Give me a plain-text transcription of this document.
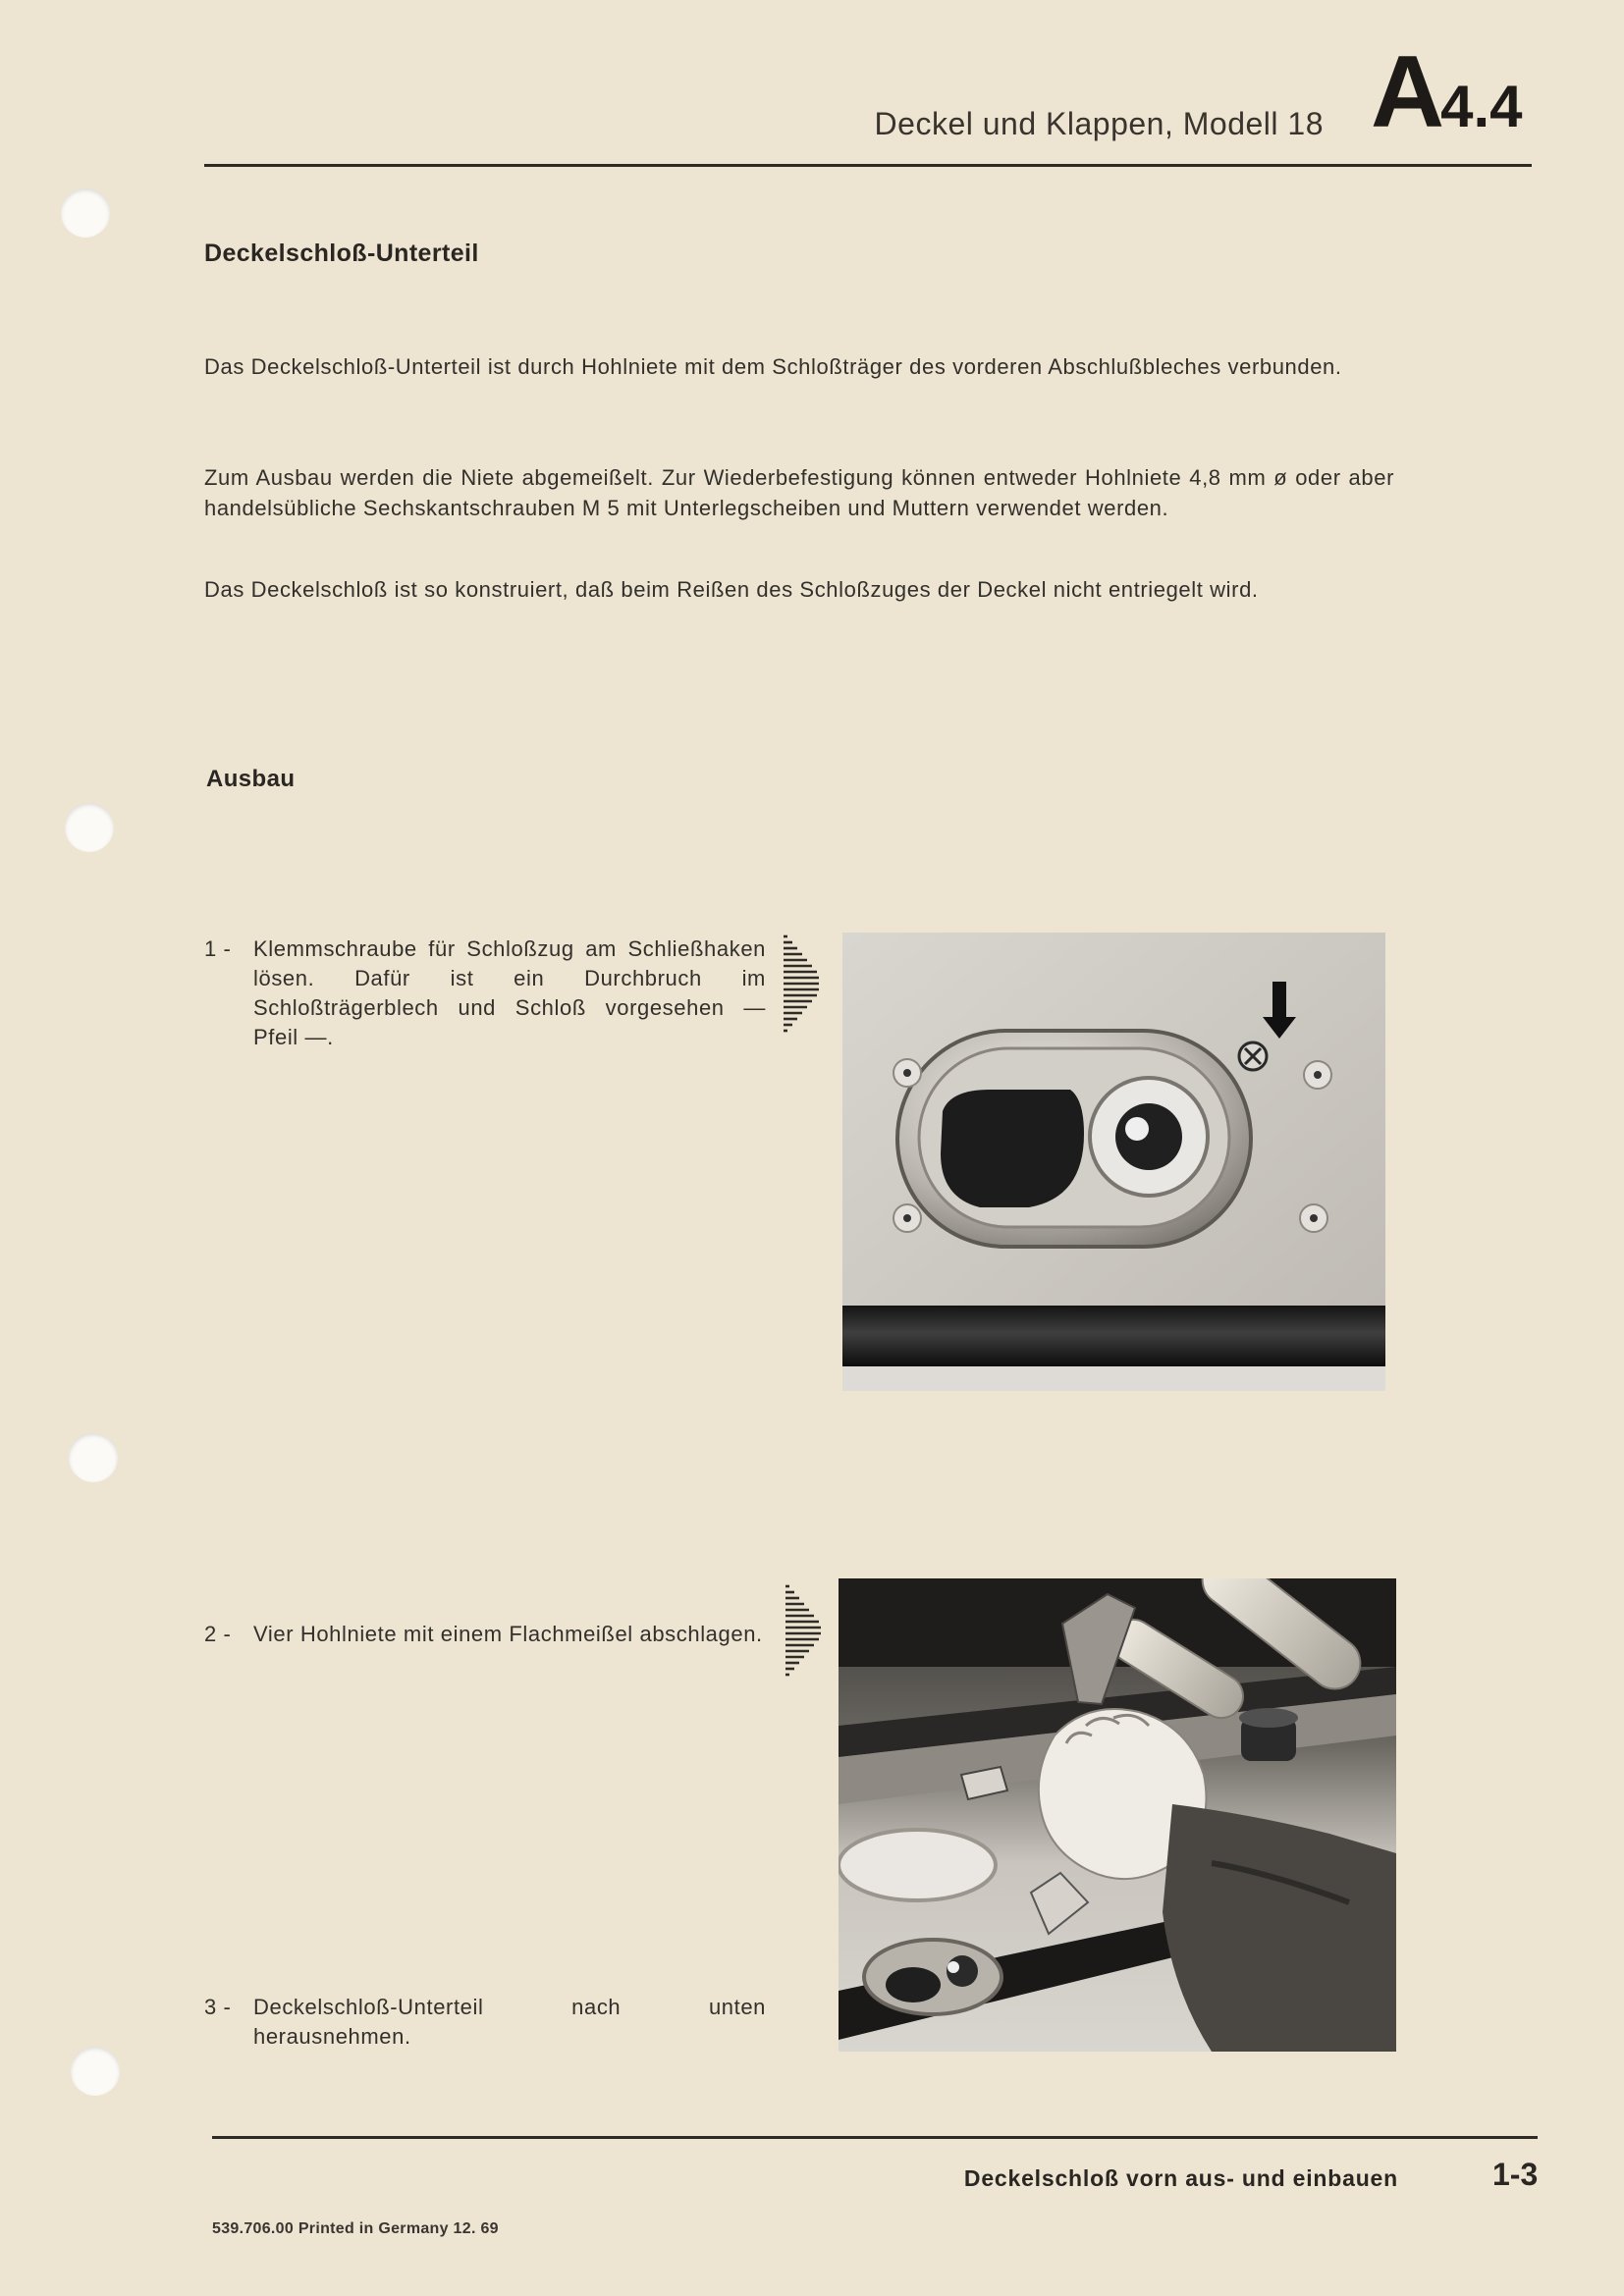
Deckel und Klappen, Modell 18 A4.4
Deckelschloß-Unterteil

Das Deckelschloß-Unterteil ist durch Hohlniete mit dem Schloßträger des vorderen Abschlußbleches verbunden.

Zum Ausbau werden die Niete abgemeißelt. Zur Wiederbefestigung können entweder Hohlniete 4,8 mm ø oder aber handelsübliche Sechskantschrauben M 5 mit Unterlegscheiben und Muttern verwendet werden.

Das Deckelschloß ist so konstruiert, daß beim Reißen des Schloßzuges der Deckel nicht entriegelt wird.

Ausbau
1 -	Klemmschraube für Schloßzug am Schließhaken lösen. Dafür ist ein Durchbruch im Schloßträgerblech und Schloß vorgesehen — Pfeil —.
2 -	Vier Hohlniete mit einem Flachmeißel abschlagen.
3 -	Deckelschloß-Unterteil nach unten herausnehmen.
Deckelschloß vorn aus- und einbauen	1-3
539.706.00 Printed in Germany 12. 69
